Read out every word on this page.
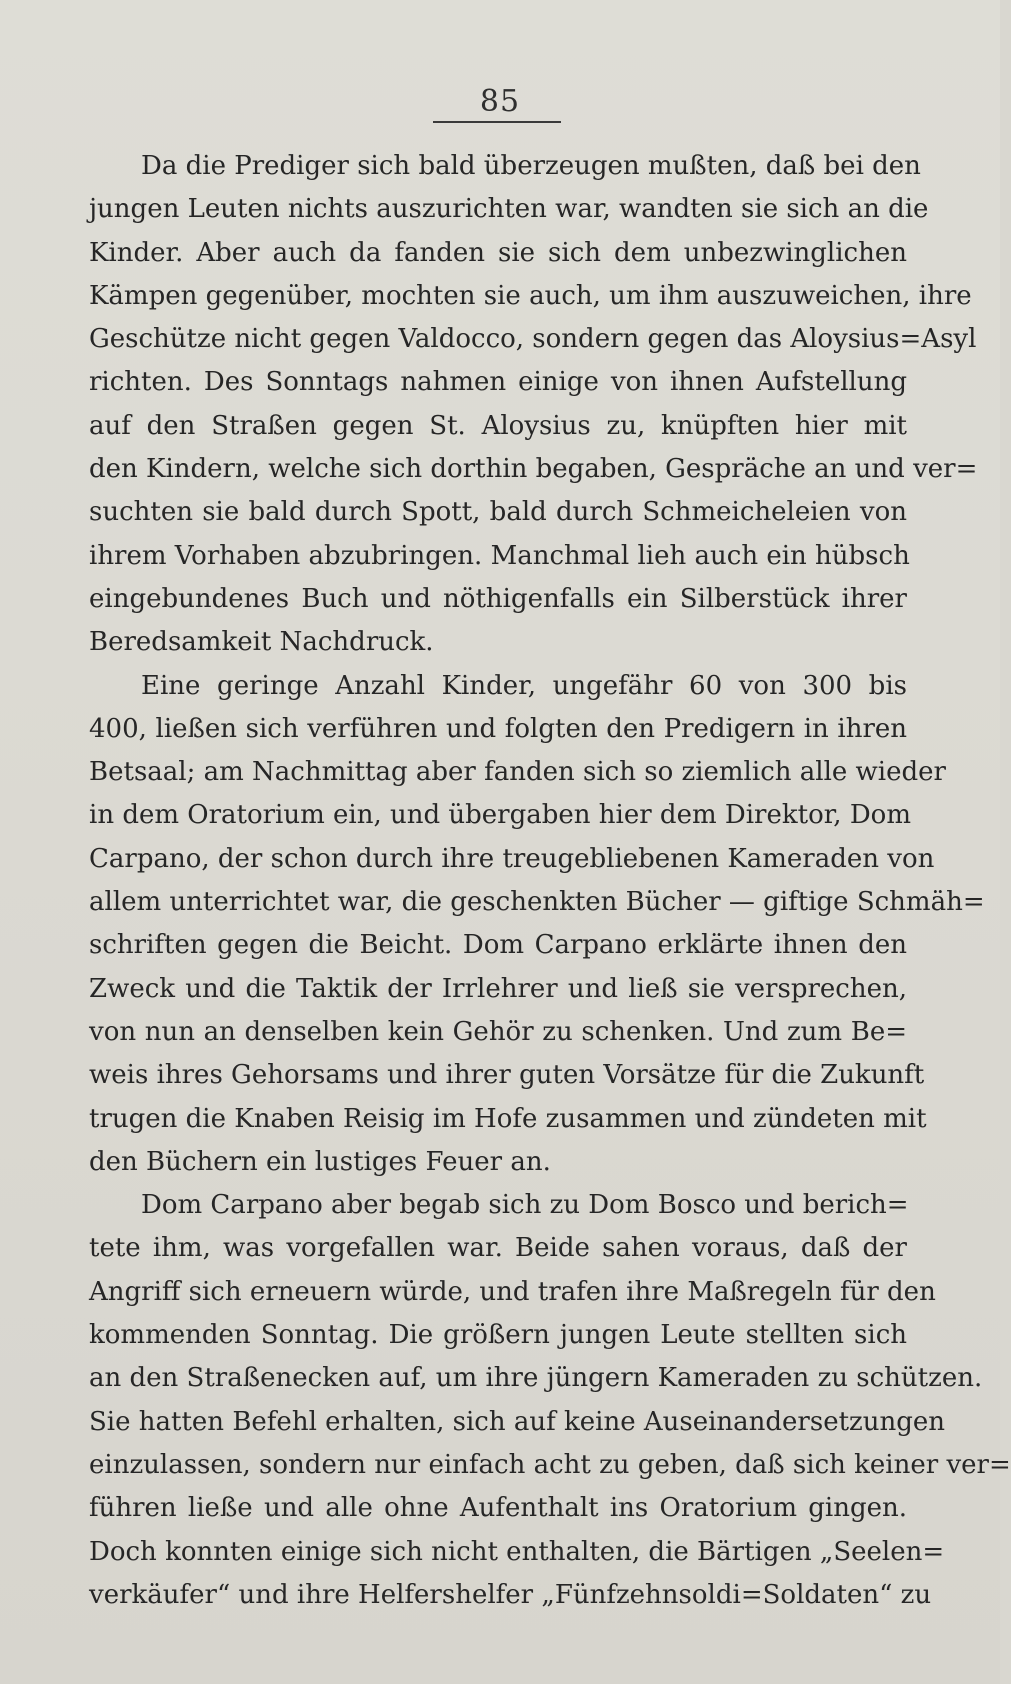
85
Da die Prediger sich bald überzeugen mußten, daß bei den
jungen Leuten nichts auszurichten war, wandten sie sich an die
Kinder. Aber auch da fanden sie sich dem unbezwinglichen
Kämpen gegenüber, mochten sie auch, um ihm auszuweichen, ihre
Geschütze nicht gegen Valdocco, sondern gegen das Aloysius=Asyl
richten. Des Sonntags nahmen einige von ihnen Aufstellung
auf den Straßen gegen St. Aloysius zu, knüpften hier mit
den Kindern, welche sich dorthin begaben, Gespräche an und ver=
suchten sie bald durch Spott, bald durch Schmeicheleien von
ihrem Vorhaben abzubringen. Manchmal lieh auch ein hübsch
eingebundenes Buch und nöthigenfalls ein Silberstück ihrer
Beredsamkeit Nachdruck.
Eine geringe Anzahl Kinder, ungefähr 60 von 300 bis
400, ließen sich verführen und folgten den Predigern in ihren
Betsaal; am Nachmittag aber fanden sich so ziemlich alle wieder
in dem Oratorium ein, und übergaben hier dem Direktor, Dom
Carpano, der schon durch ihre treugebliebenen Kameraden von
allem unterrichtet war, die geschenkten Bücher — giftige Schmäh=
schriften gegen die Beicht. Dom Carpano erklärte ihnen den
Zweck und die Taktik der Irrlehrer und ließ sie versprechen,
von nun an denselben kein Gehör zu schenken. Und zum Be=
weis ihres Gehorsams und ihrer guten Vorsätze für die Zukunft
trugen die Knaben Reisig im Hofe zusammen und zündeten mit
den Büchern ein lustiges Feuer an.
Dom Carpano aber begab sich zu Dom Bosco und berich=
tete ihm, was vorgefallen war. Beide sahen voraus, daß der
Angriff sich erneuern würde, und trafen ihre Maßregeln für den
kommenden Sonntag. Die größern jungen Leute stellten sich
an den Straßenecken auf, um ihre jüngern Kameraden zu schützen.
Sie hatten Befehl erhalten, sich auf keine Auseinandersetzungen
einzulassen, sondern nur einfach acht zu geben, daß sich keiner ver=
führen ließe und alle ohne Aufenthalt ins Oratorium gingen.
Doch konnten einige sich nicht enthalten, die Bärtigen „Seelen=
verkäufer“ und ihre Helfershelfer „Fünfzehnsoldi=Soldaten“ zu
